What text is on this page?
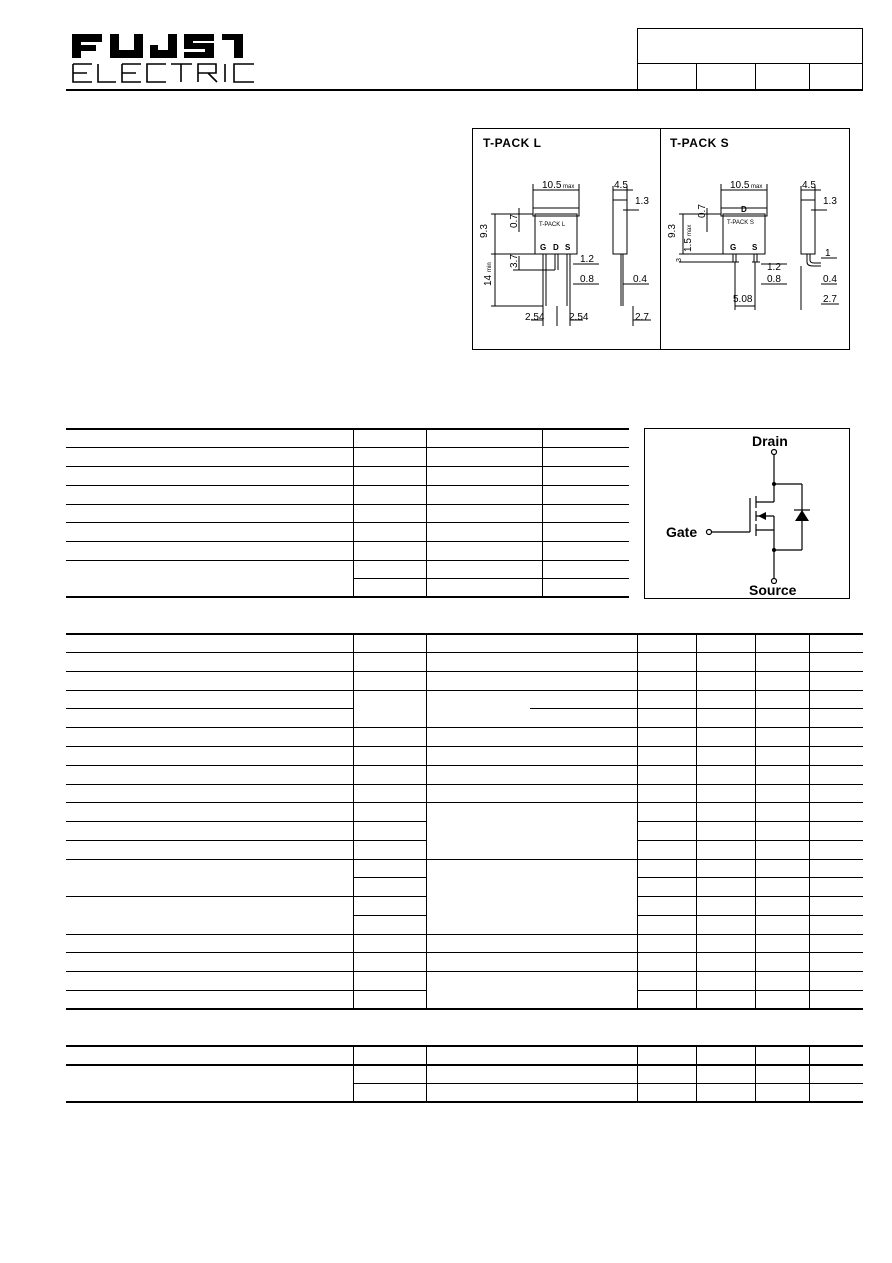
T-PACK L	T-PACK S
10.5 max	4.5
1.3
T-PACK L
G D S
1.2
0.8	0.4
2.54 2.54	2.7
9.3
0.7
3.7
14
min
10.5 max	4.5
1.3
D
T-PACK S
G S
1.2
0.8
1
0.4
5.08	2.7
9.3
0.7
1.5
max
3
Drain
Gate
Source
